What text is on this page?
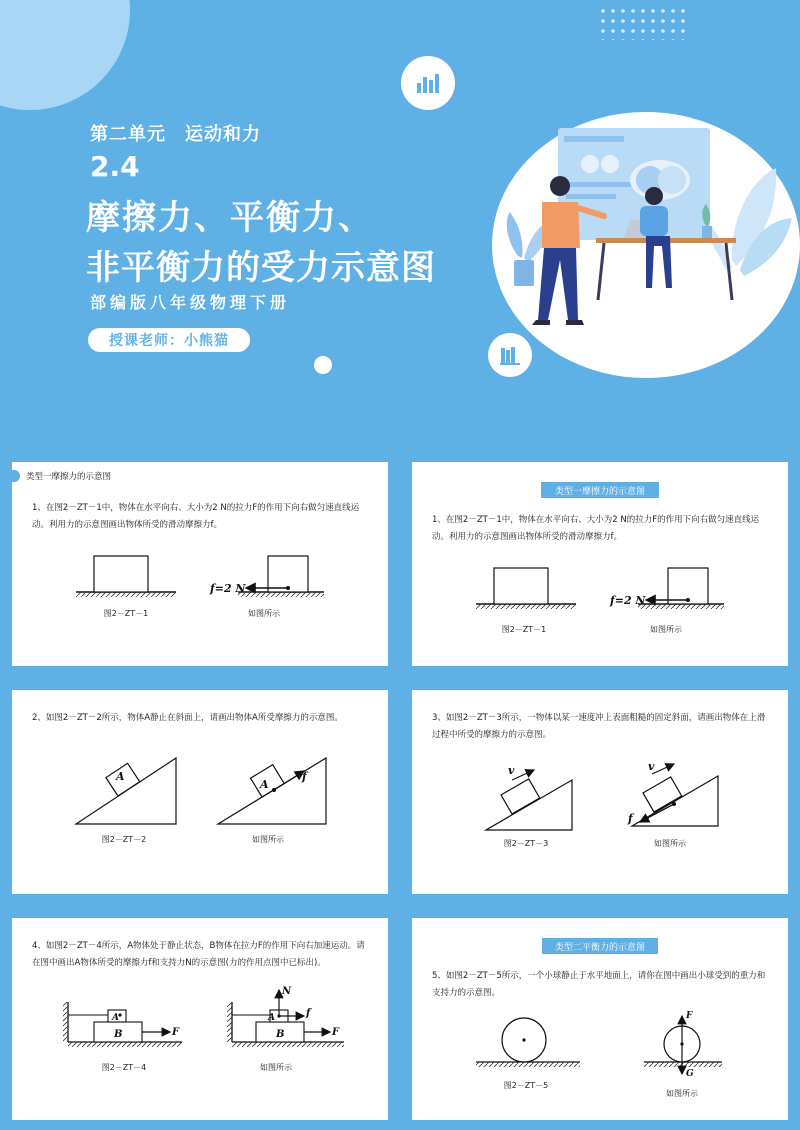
第二单元　运动和力
2.4
摩擦力、平衡力、
非平衡力的受力示意图
部编版八年级物理下册
授课老师：小熊猫
类型一摩擦力的示意图
1、在图2－ZT－1中，物体在水平向右、大小为2 N的拉力F的作用下向右做匀速直线运动。利用力的示意图画出物体所受的滑动摩擦力f。
图2－ZT－1
f=2 N
如图所示
类型一摩擦力的示意图
1、在图2－ZT－1中，物体在水平向右、大小为2 N的拉力F的作用下向右做匀速直线运动。利用力的示意图画出物体所受的滑动摩擦力f。
图2－ZT－1
f=2 N
如图所示
2、如图2－ZT－2所示，物体A静止在斜面上，请画出物体A所受摩擦力的示意图。
A
图2－ZT－2
A
f
如图所示
3、如图2－ZT－3所示，一物体以某一速度冲上表面粗糙的固定斜面，请画出物体在上滑过程中所受的摩擦力的示意图。
v
图2－ZT－3
v
f
如图所示
4、如图2－ZT－4所示，A物体处于静止状态，B物体在拉力F的作用下向右加速运动。请在图中画出A物体所受的摩擦力f和支持力N的示意图(力的作用点图中已标出)。
A
B	F
图2－ZT－4
N
f
A
B	F
如图所示
类型二平衡力的示意图
5、如图2－ZT－5所示，一个小球静止于水平地面上，请你在图中画出小球受到的重力和支持力的示意图。
图2－ZT－5
F
G
如图所示
